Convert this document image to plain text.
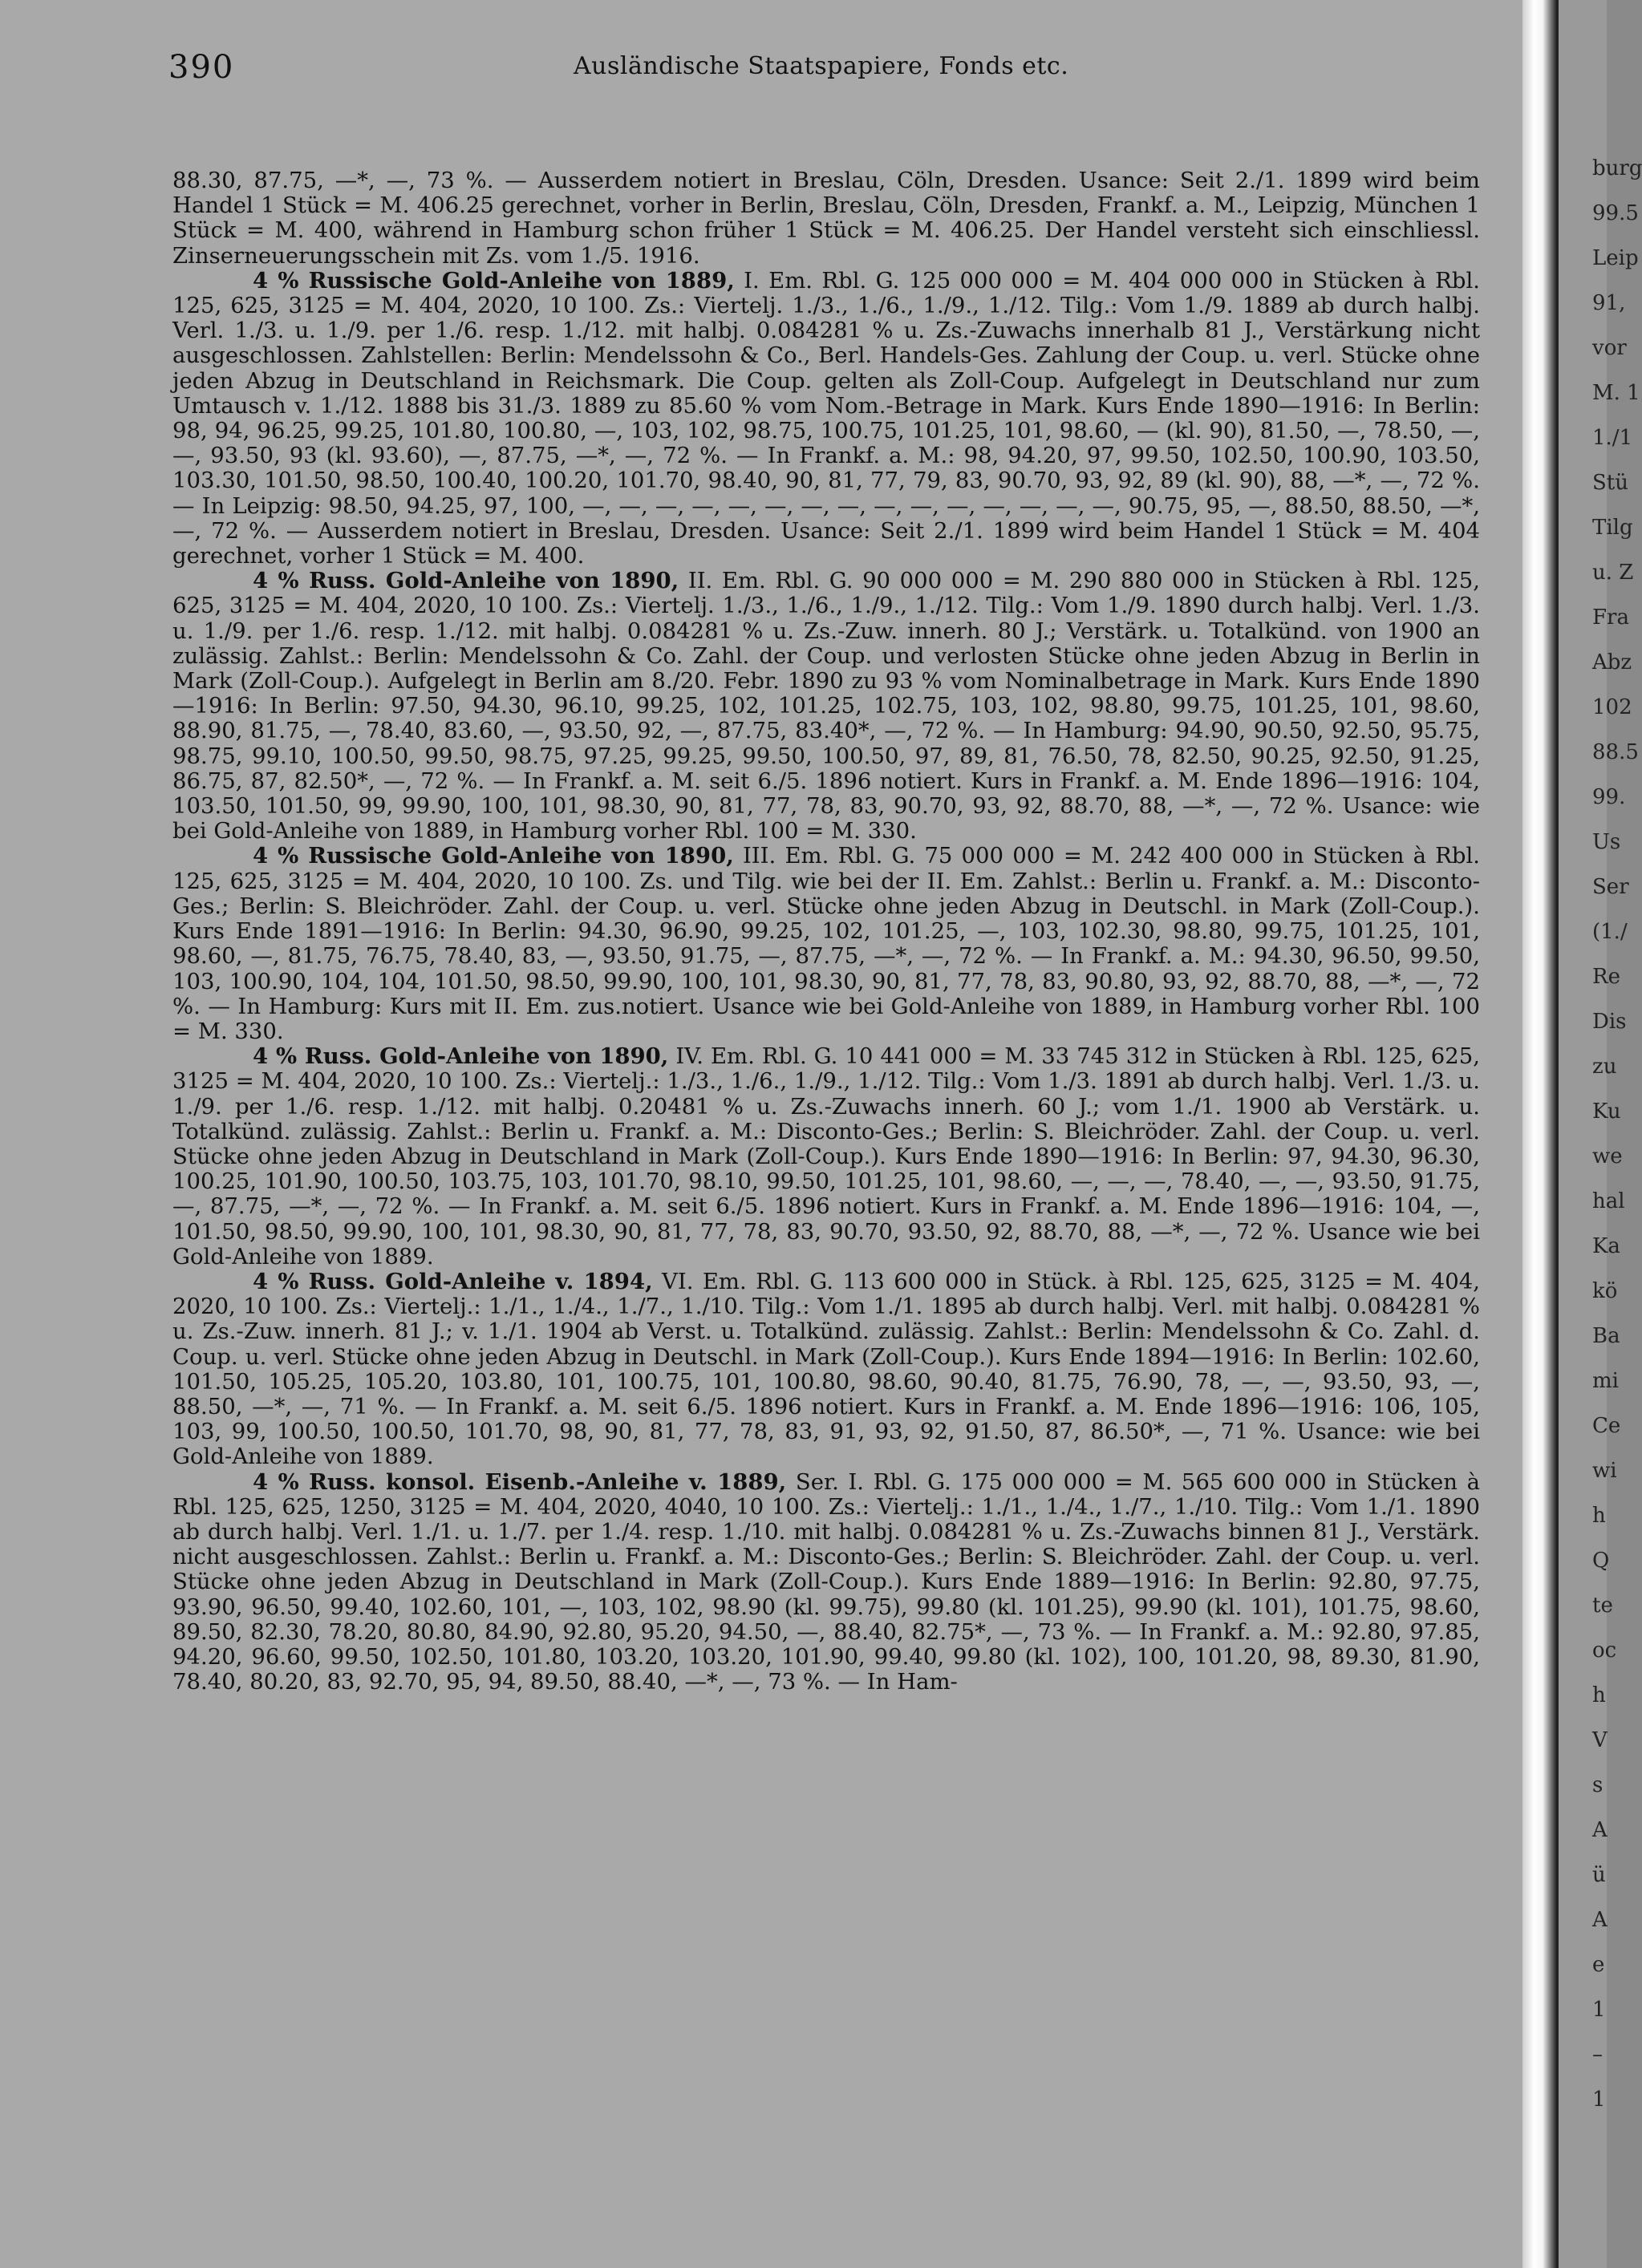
390	Ausländische Staatspapiere, Fonds etc.

88.30, 87.75, —*, —, 73 %. — Ausserdem notiert in Breslau, Cöln, Dresden. Usance: Seit 2./1. 1899 wird beim Handel 1 Stück = M. 406.25 gerechnet, vorher in Berlin, Breslau, Cöln, Dresden, Frankf. a. M., Leipzig, München 1 Stück = M. 400, während in Hamburg schon früher 1 Stück = M. 406.25. Der Handel versteht sich einschliessl. Zinserneuerungsschein mit Zs. vom 1./5. 1916.

4 % Russische Gold-Anleihe von 1889, I. Em. Rbl. G. 125 000 000 = M. 404 000 000 in Stücken à Rbl. 125, 625, 3125 = M. 404, 2020, 10 100. Zs.: Viertelj. 1./3., 1./6., 1./9., 1./12. Tilg.: Vom 1./9. 1889 ab durch halbj. Verl. 1./3. u. 1./9. per 1./6. resp. 1./12. mit halbj. 0.084281 % u. Zs.-Zuwachs innerhalb 81 J., Verstärkung nicht ausgeschlossen. Zahlstellen: Berlin: Mendelssohn & Co., Berl. Handels-Ges. Zahlung der Coup. u. verl. Stücke ohne jeden Abzug in Deutschland in Reichsmark. Die Coup. gelten als Zoll-Coup. Aufgelegt in Deutschland nur zum Umtausch v. 1./12. 1888 bis 31./3. 1889 zu 85.60 % vom Nom.-Betrage in Mark. Kurs Ende 1890—1916: In Berlin: 98, 94, 96.25, 99.25, 101.80, 100.80, —, 103, 102, 98.75, 100.75, 101.25, 101, 98.60, — (kl. 90), 81.50, —, 78.50, —, —, 93.50, 93 (kl. 93.60), —, 87.75, —*, —, 72 %. — In Frankf. a. M.: 98, 94.20, 97, 99.50, 102.50, 100.90, 103.50, 103.30, 101.50, 98.50, 100.40, 100.20, 101.70, 98.40, 90, 81, 77, 79, 83, 90.70, 93, 92, 89 (kl. 90), 88, —*, —, 72 %. — In Leipzig: 98.50, 94.25, 97, 100, —, —, —, —, —, —, —, —, —, —, —, —, —, —, —, 90.75, 95, —, 88.50, 88.50, —*, —, 72 %. — Ausserdem notiert in Breslau, Dresden. Usance: Seit 2./1. 1899 wird beim Handel 1 Stück = M. 404 gerechnet, vorher 1 Stück = M. 400.

4 % Russ. Gold-Anleihe von 1890, II. Em. Rbl. G. 90 000 000 = M. 290 880 000 in Stücken à Rbl. 125, 625, 3125 = M. 404, 2020, 10 100. Zs.: Viertelj. 1./3., 1./6., 1./9., 1./12. Tilg.: Vom 1./9. 1890 durch halbj. Verl. 1./3. u. 1./9. per 1./6. resp. 1./12. mit halbj. 0.084281 % u. Zs.-Zuw. innerh. 80 J.; Verstärk. u. Totalkünd. von 1900 an zulässig. Zahlst.: Berlin: Mendelssohn & Co. Zahl. der Coup. und verlosten Stücke ohne jeden Abzug in Berlin in Mark (Zoll-Coup.). Aufgelegt in Berlin am 8./20. Febr. 1890 zu 93 % vom Nominalbetrage in Mark. Kurs Ende 1890—1916: In Berlin: 97.50, 94.30, 96.10, 99.25, 102, 101.25, 102.75, 103, 102, 98.80, 99.75, 101.25, 101, 98.60, 88.90, 81.75, —, 78.40, 83.60, —, 93.50, 92, —, 87.75, 83.40*, —, 72 %. — In Hamburg: 94.90, 90.50, 92.50, 95.75, 98.75, 99.10, 100.50, 99.50, 98.75, 97.25, 99.25, 99.50, 100.50, 97, 89, 81, 76.50, 78, 82.50, 90.25, 92.50, 91.25, 86.75, 87, 82.50*, —, 72 %. — In Frankf. a. M. seit 6./5. 1896 notiert. Kurs in Frankf. a. M. Ende 1896—1916: 104, 103.50, 101.50, 99, 99.90, 100, 101, 98.30, 90, 81, 77, 78, 83, 90.70, 93, 92, 88.70, 88, —*, —, 72 %. Usance: wie bei Gold-Anleihe von 1889, in Hamburg vorher Rbl. 100 = M. 330.

4 % Russische Gold-Anleihe von 1890, III. Em. Rbl. G. 75 000 000 = M. 242 400 000 in Stücken à Rbl. 125, 625, 3125 = M. 404, 2020, 10 100. Zs. und Tilg. wie bei der II. Em. Zahlst.: Berlin u. Frankf. a. M.: Disconto-Ges.; Berlin: S. Bleichröder. Zahl. der Coup. u. verl. Stücke ohne jeden Abzug in Deutschl. in Mark (Zoll-Coup.). Kurs Ende 1891—1916: In Berlin: 94.30, 96.90, 99.25, 102, 101.25, —, 103, 102.30, 98.80, 99.75, 101.25, 101, 98.60, —, 81.75, 76.75, 78.40, 83, —, 93.50, 91.75, —, 87.75, —*, —, 72 %. — In Frankf. a. M.: 94.30, 96.50, 99.50, 103, 100.90, 104, 104, 101.50, 98.50, 99.90, 100, 101, 98.30, 90, 81, 77, 78, 83, 90.80, 93, 92, 88.70, 88, —*, —, 72 %. — In Hamburg: Kurs mit II. Em. zus.notiert. Usance wie bei Gold-Anleihe von 1889, in Hamburg vorher Rbl. 100 = M. 330.

4 % Russ. Gold-Anleihe von 1890, IV. Em. Rbl. G. 10 441 000 = M. 33 745 312 in Stücken à Rbl. 125, 625, 3125 = M. 404, 2020, 10 100. Zs.: Viertelj.: 1./3., 1./6., 1./9., 1./12. Tilg.: Vom 1./3. 1891 ab durch halbj. Verl. 1./3. u. 1./9. per 1./6. resp. 1./12. mit halbj. 0.20481 % u. Zs.-Zuwachs innerh. 60 J.; vom 1./1. 1900 ab Verstärk. u. Totalkünd. zulässig. Zahlst.: Berlin u. Frankf. a. M.: Disconto-Ges.; Berlin: S. Bleichröder. Zahl. der Coup. u. verl. Stücke ohne jeden Abzug in Deutschland in Mark (Zoll-Coup.). Kurs Ende 1890—1916: In Berlin: 97, 94.30, 96.30, 100.25, 101.90, 100.50, 103.75, 103, 101.70, 98.10, 99.50, 101.25, 101, 98.60, —, —, —, 78.40, —, —, 93.50, 91.75, —, 87.75, —*, —, 72 %. — In Frankf. a. M. seit 6./5. 1896 notiert. Kurs in Frankf. a. M. Ende 1896—1916: 104, —, 101.50, 98.50, 99.90, 100, 101, 98.30, 90, 81, 77, 78, 83, 90.70, 93.50, 92, 88.70, 88, —*, —, 72 %. Usance wie bei Gold-Anleihe von 1889.

4 % Russ. Gold-Anleihe v. 1894, VI. Em. Rbl. G. 113 600 000 in Stück. à Rbl. 125, 625, 3125 = M. 404, 2020, 10 100. Zs.: Viertelj.: 1./1., 1./4., 1./7., 1./10. Tilg.: Vom 1./1. 1895 ab durch halbj. Verl. mit halbj. 0.084281 % u. Zs.-Zuw. innerh. 81 J.; v. 1./1. 1904 ab Verst. u. Totalkünd. zulässig. Zahlst.: Berlin: Mendelssohn & Co. Zahl. d. Coup. u. verl. Stücke ohne jeden Abzug in Deutschl. in Mark (Zoll-Coup.). Kurs Ende 1894—1916: In Berlin: 102.60, 101.50, 105.25, 105.20, 103.80, 101, 100.75, 101, 100.80, 98.60, 90.40, 81.75, 76.90, 78, —, —, 93.50, 93, —, 88.50, —*, —, 71 %. — In Frankf. a. M. seit 6./5. 1896 notiert. Kurs in Frankf. a. M. Ende 1896—1916: 106, 105, 103, 99, 100.50, 100.50, 101.70, 98, 90, 81, 77, 78, 83, 91, 93, 92, 91.50, 87, 86.50*, —, 71 %. Usance: wie bei Gold-Anleihe von 1889.

4 % Russ. konsol. Eisenb.-Anleihe v. 1889, Ser. I. Rbl. G. 175 000 000 = M. 565 600 000 in Stücken à Rbl. 125, 625, 1250, 3125 = M. 404, 2020, 4040, 10 100. Zs.: Viertelj.: 1./1., 1./4., 1./7., 1./10. Tilg.: Vom 1./1. 1890 ab durch halbj. Verl. 1./1. u. 1./7. per 1./4. resp. 1./10. mit halbj. 0.084281 % u. Zs.-Zuwachs binnen 81 J., Verstärk. nicht ausgeschlossen. Zahlst.: Berlin u. Frankf. a. M.: Disconto-Ges.; Berlin: S. Bleichröder. Zahl. der Coup. u. verl. Stücke ohne jeden Abzug in Deutschland in Mark (Zoll-Coup.). Kurs Ende 1889—1916: In Berlin: 92.80, 97.75, 93.90, 96.50, 99.40, 102.60, 101, —, 103, 102, 98.90 (kl. 99.75), 99.80 (kl. 101.25), 99.90 (kl. 101), 101.75, 98.60, 89.50, 82.30, 78.20, 80.80, 84.90, 92.80, 95.20, 94.50, —, 88.40, 82.75*, —, 73 %. — In Frankf. a. M.: 92.80, 97.85, 94.20, 96.60, 99.50, 102.50, 101.80, 103.20, 103.20, 101.90, 99.40, 99.80 (kl. 102), 100, 101.20, 98, 89.30, 81.90, 78.40, 80.20, 83, 92.70, 95, 94, 89.50, 88.40, —*, —, 73 %. — In Ham-

burg
99.5
Leip
91,
vor
M. 1
1./1
Stü
Tilg
u. Z
Fra
Abz
102
88.5
99.
Us
Ser
(1./
Re
Dis
zu
Ku
we
hal
Ka
kö
Ba
mi
Ce
wi
h
Q
te
oc
h
V
s
A
ü
A
e
1
–
1
